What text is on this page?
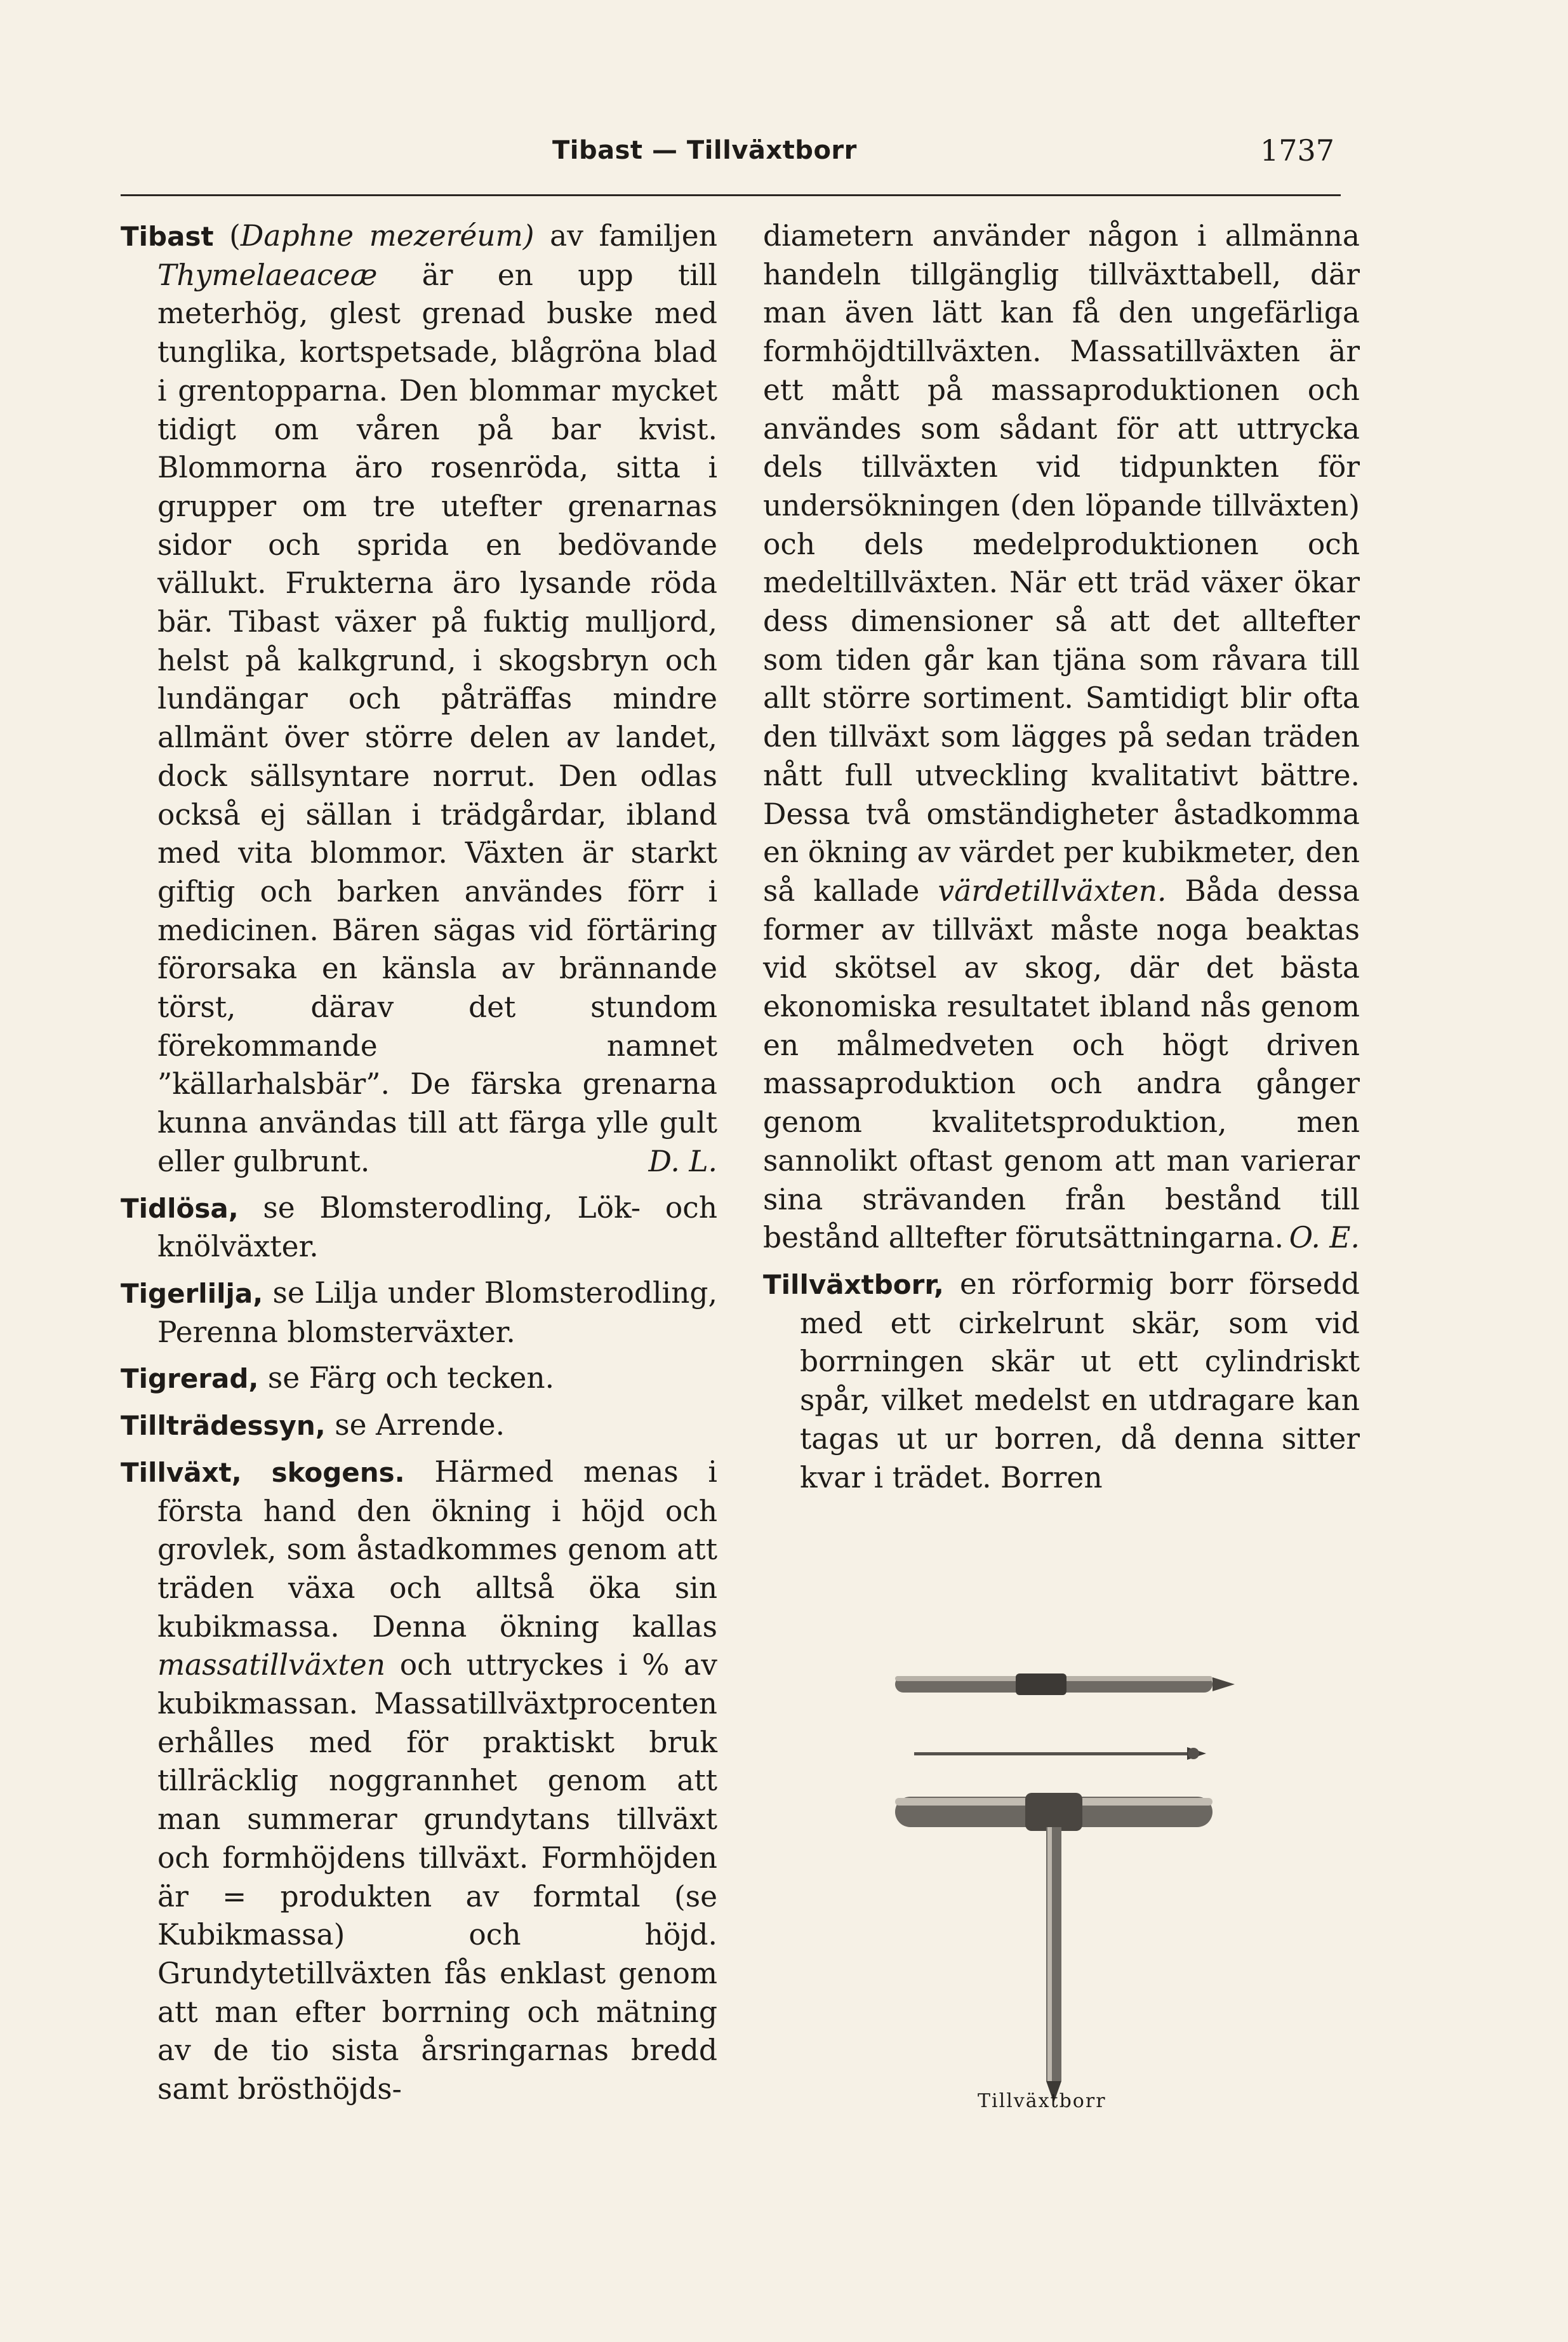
Tibast — Tillväxtborr	1737

Tibast (Daphne mezeréum) av familjen Thymelaeaceæ är en upp till meterhög, glest grenad buske med tunglika, kortspetsade, blågröna blad i grentopparna. Den blommar mycket tidigt om våren på bar kvist. Blommorna äro rosenröda, sitta i grupper om tre utefter grenarnas sidor och sprida en bedövande vällukt. Frukterna äro lysande röda bär. Tibast växer på fuktig mulljord, helst på kalkgrund, i skogsbryn och lundängar och påträffas mindre allmänt över större delen av landet, dock sällsyntare norrut. Den odlas också ej sällan i trädgårdar, ibland med vita blommor. Växten är starkt giftig och barken användes förr i medicinen. Bären sägas vid förtäring förorsaka en känsla av brännande törst, därav det stundom förekommande namnet ”källarhalsbär”. De färska grenarna kunna användas till att färga ylle gult eller gulbrunt.	D. L.

Tidlösa, se Blomsterodling, Lök- och knölväxter.

Tigerlilja, se Lilja under Blomsterodling, Perenna blomsterväxter.

Tigrerad, se Färg och tecken.

Tillträdessyn, se Arrende.

Tillväxt, skogens. Härmed menas i första hand den ökning i höjd och grovlek, som åstadkommes genom att träden växa och alltså öka sin kubikmassa. Denna ökning kallas massatillväxten och uttryckes i % av kubikmassan. Massatillväxtprocenten erhålles med för praktiskt bruk tillräcklig noggrannhet genom att man summerar grundytans tillväxt och formhöjdens tillväxt. Formhöjden är = produkten av formtal (se Kubikmassa) och höjd. Grundytetillväxten fås enklast genom att man efter borrning och mätning av de tio sista årsringarnas bredd samt brösthöjds-

diametern använder någon i allmänna handeln tillgänglig tillväxttabell, där man även lätt kan få den ungefärliga formhöjdtillväxten. Massatillväxten är ett mått på massaproduktionen och användes som sådant för att uttrycka dels tillväxten vid tidpunkten för undersökningen (den löpande tillväxten) och dels medelproduktionen och medeltillväxten. När ett träd växer ökar dess dimensioner så att det alltefter som tiden går kan tjäna som råvara till allt större sortiment. Samtidigt blir ofta den tillväxt som lägges på sedan träden nått full utveckling kvalitativt bättre. Dessa två omständigheter åstadkomma en ökning av värdet per kubikmeter, den så kallade värdetillväxten. Båda dessa former av tillväxt måste noga beaktas vid skötsel av skog, där det bästa ekonomiska resultatet ibland nås genom en målmedveten och högt driven massaproduktion och andra gånger genom kvalitetsproduktion, men sannolikt oftast genom att man varierar sina strävanden från bestånd till bestånd alltefter förutsättningarna. O. E.

Tillväxtborr, en rörformig borr försedd med ett cirkelrunt skär, som vid borrningen skär ut ett cylindriskt spår, vilket medelst en utdragare kan tagas ut ur borren, då denna sitter kvar i trädet. Borren

Tillväxtborr
